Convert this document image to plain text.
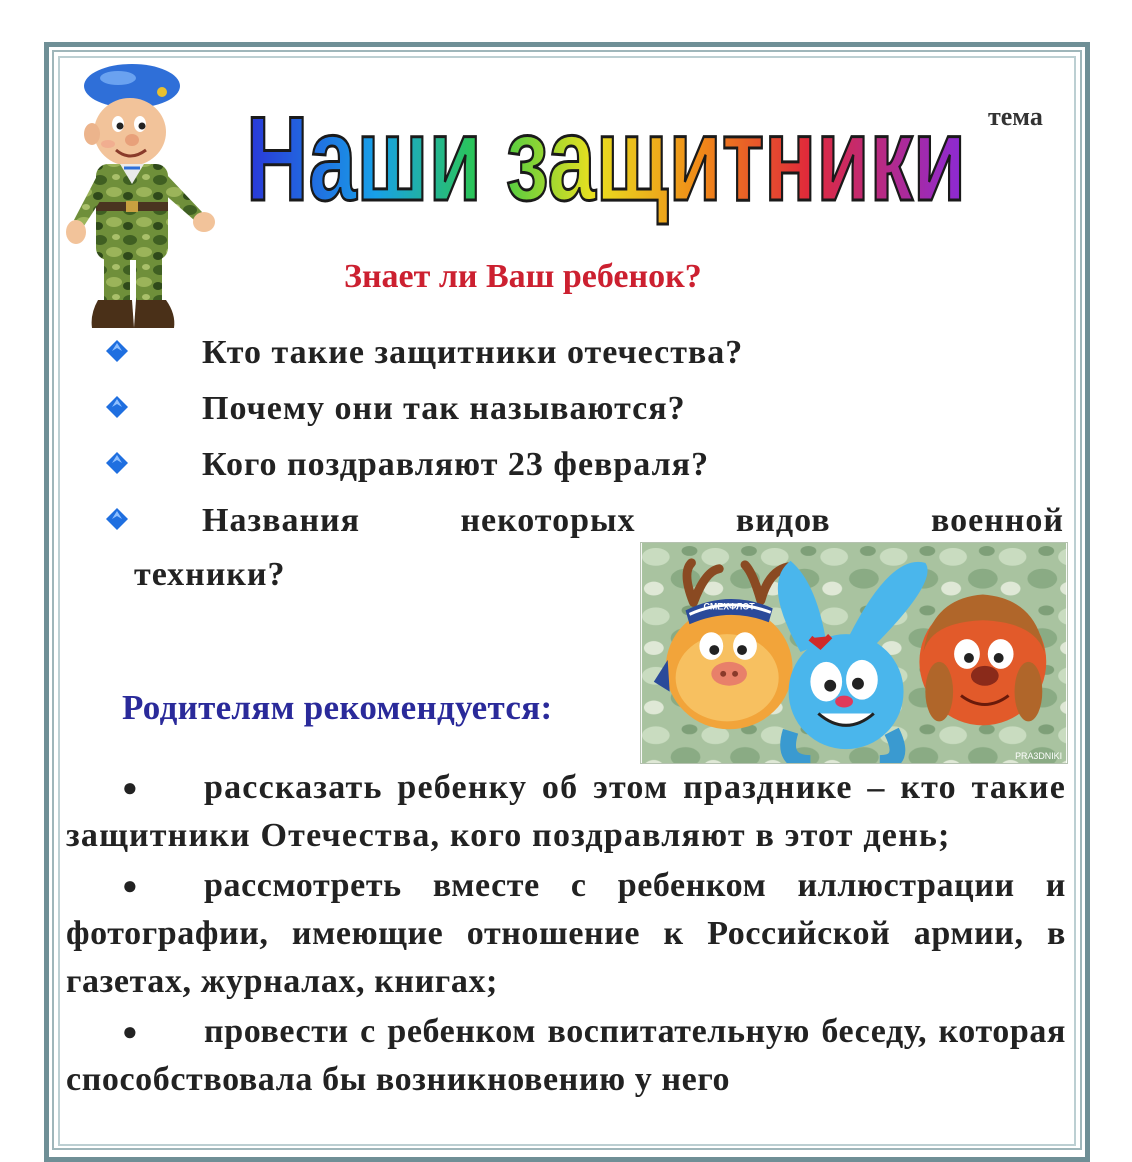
Наши защитники тема
Знает ли Ваш ребенок?
Кто такие защитники отечества?
Почему они так называются?
Кого поздравляют 23 февраля?
Названия	некоторых	видов	военной
техники?
СМЕХФЛОТ
PRA3DNIKI
Родителям рекомендуется:
● рассказать ребенку об этом празднике – кто такие защитники Отечества, кого поздравляют в этот день;
● рассмотреть вместе с ребенком иллюстрации и фотографии, имеющие отношение к Российской армии, в газетах, журналах, книгах;
● провести с ребенком воспитательную беседу, которая способствовала бы возникновению у него
